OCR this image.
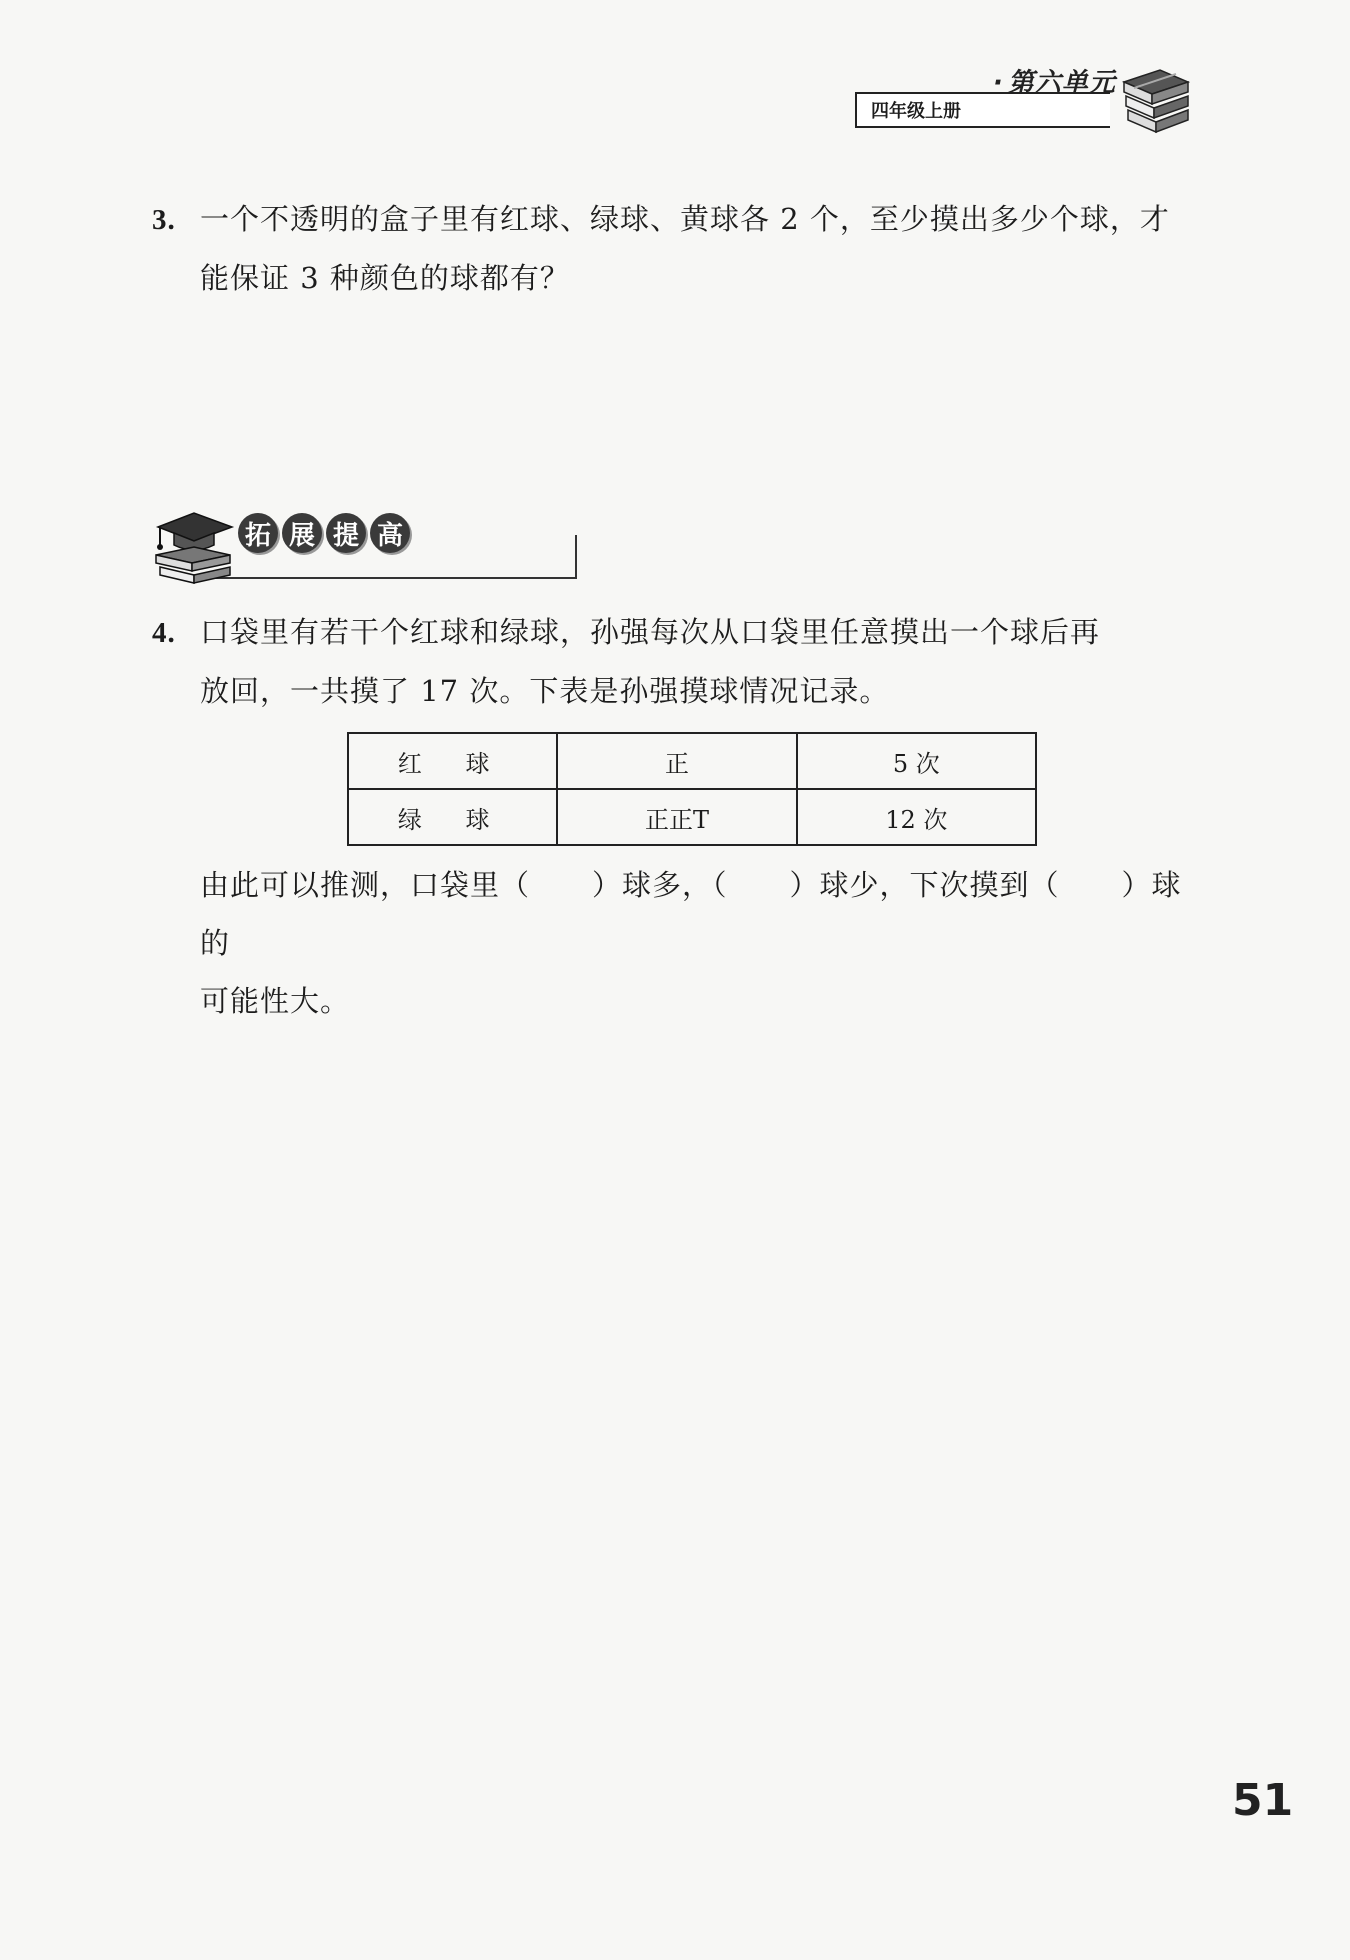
四年级上册
· 第六单元
3. 一个不透明的盒子里有红球、绿球、黄球各 2 个，至少摸出多少个球，才
能保证 3 种颜色的球都有？
拓 展 提 高
4. 口袋里有若干个红球和绿球，孙强每次从口袋里任意摸出一个球后再
放回，一共摸了 17 次。下表是孙强摸球情况记录。
红 球	正	5 次
绿 球	正正T	12 次
由此可以推测，口袋里（ ）球多，（ ）球少，下次摸到（ ）球的
可能性大。
51
